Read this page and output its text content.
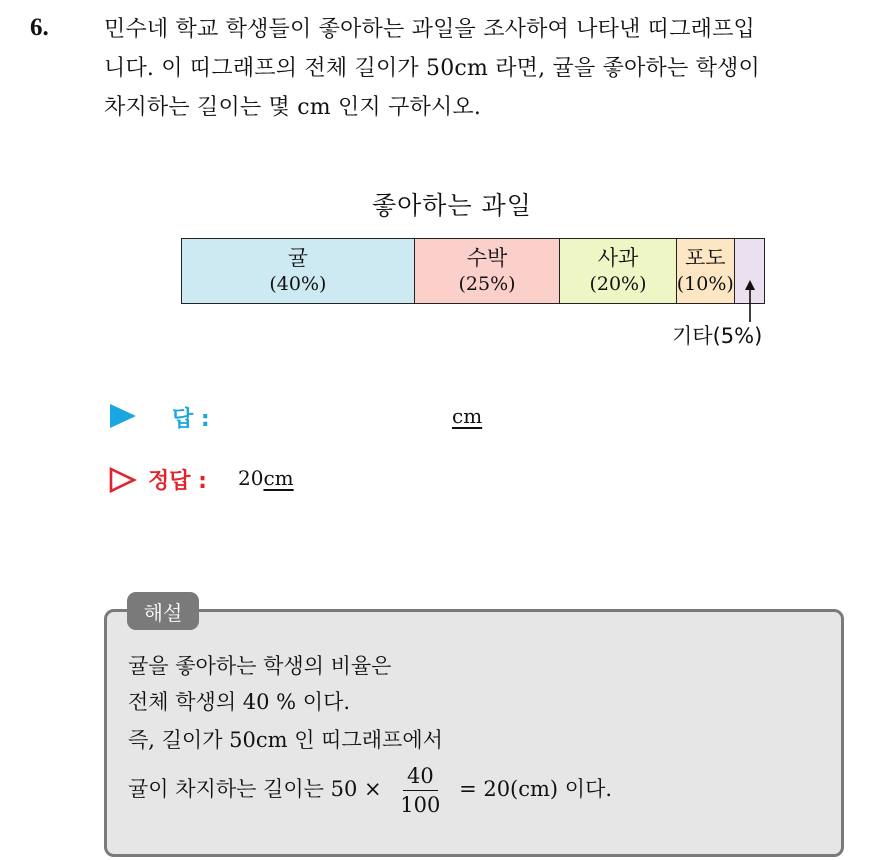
6.	민수네 학교 학생들이 좋아하는 과일을 조사하여 나타낸 띠그래프입
니다. 이 띠그래프의 전체 길이가 50cm 라면, 귤을 좋아하는 학생이
차지하는 길이는 몇 cm 인지 구하시오.
좋아하는 과일
귤
(40%)
수박
(25%)
사과
(20%)
포도
(10%)
기타(5%)
답 :	cm
정답 : 20cm
해설
귤을 좋아하는 학생의 비율은
전체 학생의 40 % 이다.
즉, 길이가 50cm 인 띠그래프에서
귤이 차지하는 길이는 $50 \times \frac{40}{100} = 20(cm)$ 이다.
